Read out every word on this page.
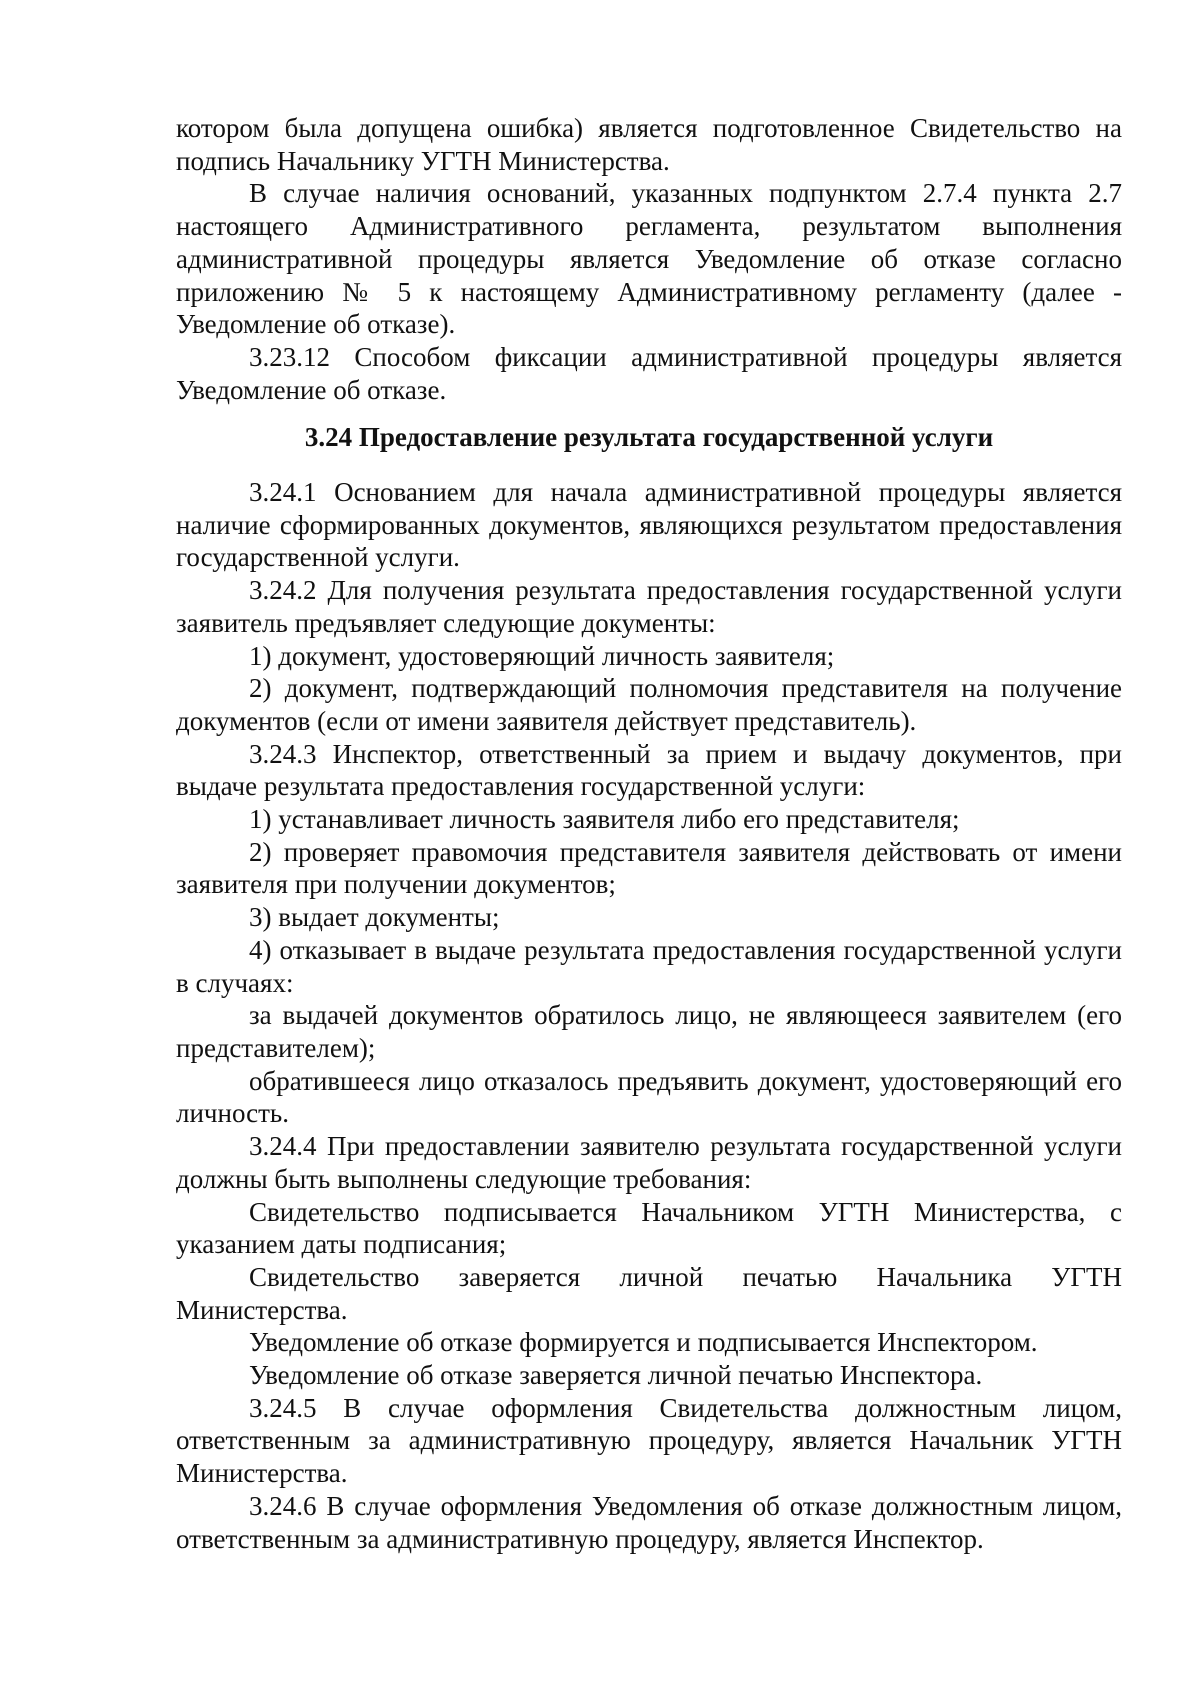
котором была допущена ошибка) является подготовленное Свидетельство на подпись Начальнику УГТН Министерства.

В случае наличия оснований, указанных подпунктом 2.7.4 пункта 2.7 настоящего Административного регламента, результатом выполнения административной процедуры является Уведомление об отказе согласно приложению № 5 к настоящему Административному регламенту (далее - Уведомление об отказе).

3.23.12 Способом фиксации административной процедуры является Уведомление об отказе.

3.24 Предоставление результата государственной услуги

3.24.1 Основанием для начала административной процедуры является наличие сформированных документов, являющихся результатом предоставления государственной услуги.

3.24.2 Для получения результата предоставления государственной услуги заявитель предъявляет следующие документы:

1) документ, удостоверяющий личность заявителя;

2) документ, подтверждающий полномочия представителя на получение документов (если от имени заявителя действует представитель).

3.24.3 Инспектор, ответственный за прием и выдачу документов, при выдаче результата предоставления государственной услуги:

1) устанавливает личность заявителя либо его представителя;

2) проверяет правомочия представителя заявителя действовать от имени заявителя при получении документов;

3) выдает документы;

4) отказывает в выдаче результата предоставления государственной услуги в случаях:

за выдачей документов обратилось лицо, не являющееся заявителем (его представителем);

обратившееся лицо отказалось предъявить документ, удостоверяющий его личность.

3.24.4 При предоставлении заявителю результата государственной услуги должны быть выполнены следующие требования:

Свидетельство подписывается Начальником УГТН Министерства, с указанием даты подписания;

Свидетельство заверяется личной печатью Начальника УГТН Министерства.

Уведомление об отказе формируется и подписывается Инспектором.

Уведомление об отказе заверяется личной печатью Инспектора.

3.24.5 В случае оформления Свидетельства должностным лицом, ответственным за административную процедуру, является Начальник УГТН Министерства.

3.24.6 В случае оформления Уведомления об отказе должностным лицом, ответственным за административную процедуру, является Инспектор.
